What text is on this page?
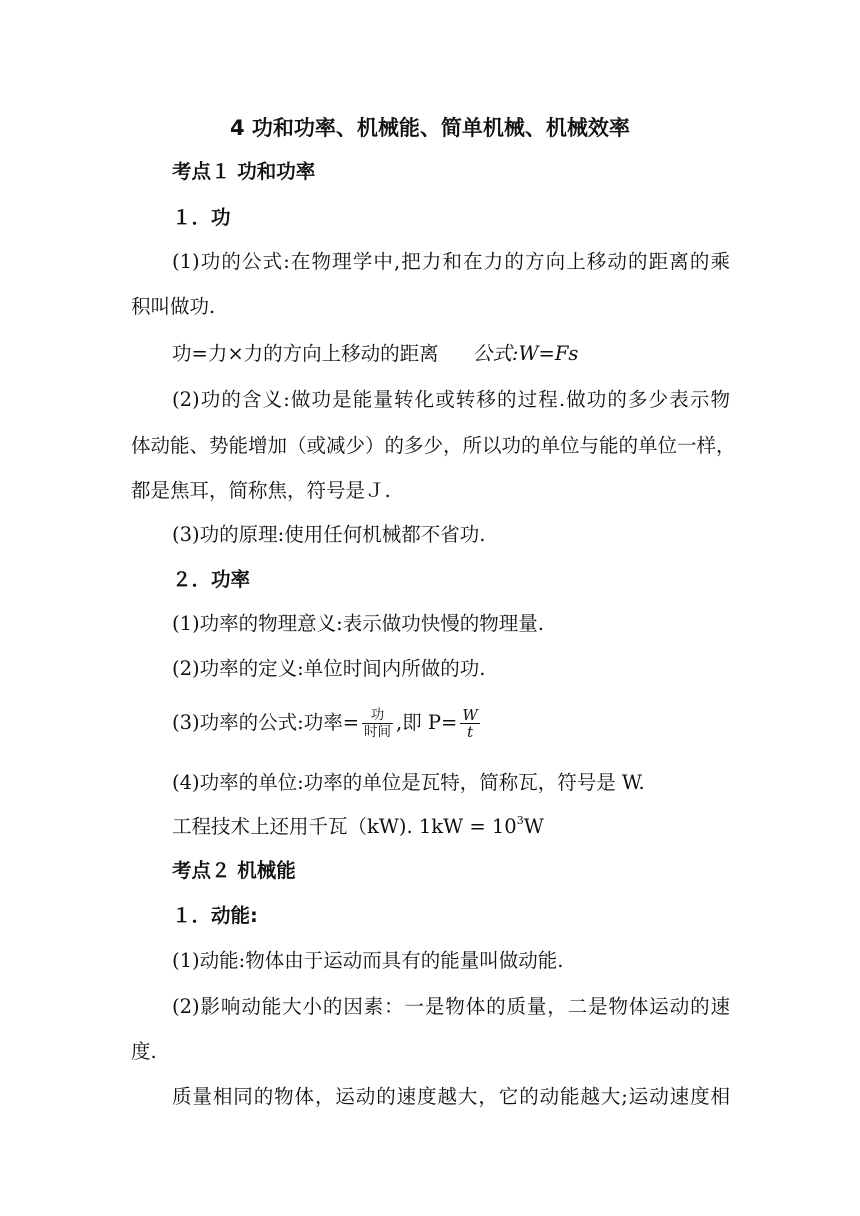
4 功和功率、机械能、简单机械、机械效率
考点１ 功和功率
１．功
(1)功的公式:在物理学中,把力和在力的方向上移动的距离的乘
积叫做功.
功=力×力的方向上移动的距离 公式:W=Fs
(2)功的含义:做功是能量转化或转移的过程.做功的多少表示物
体动能、势能增加（或减少）的多少，所以功的单位与能的单位一样，
都是焦耳，简称焦，符号是Ｊ.
(3)功的原理:使用任何机械都不省功.
２．功率
(1)功率的物理意义:表示做功快慢的物理量.
(2)功率的定义:单位时间内所做的功.
(3)功率的公式:功率= $\frac{\text{功}}{\text{时间}}$ ,即 $P= \frac{W}{t}$
(4)功率的单位:功率的单位是瓦特，简称瓦，符号是 W.
工程技术上还用千瓦（kW). $1kW = 10^3W$
考点２ 机械能
１．动能:
(1)动能:物体由于运动而具有的能量叫做动能.
(2)影响动能大小的因素：一是物体的质量，二是物体运动的速
度.
质量相同的物体，运动的速度越大，它的动能越大;运动速度相
